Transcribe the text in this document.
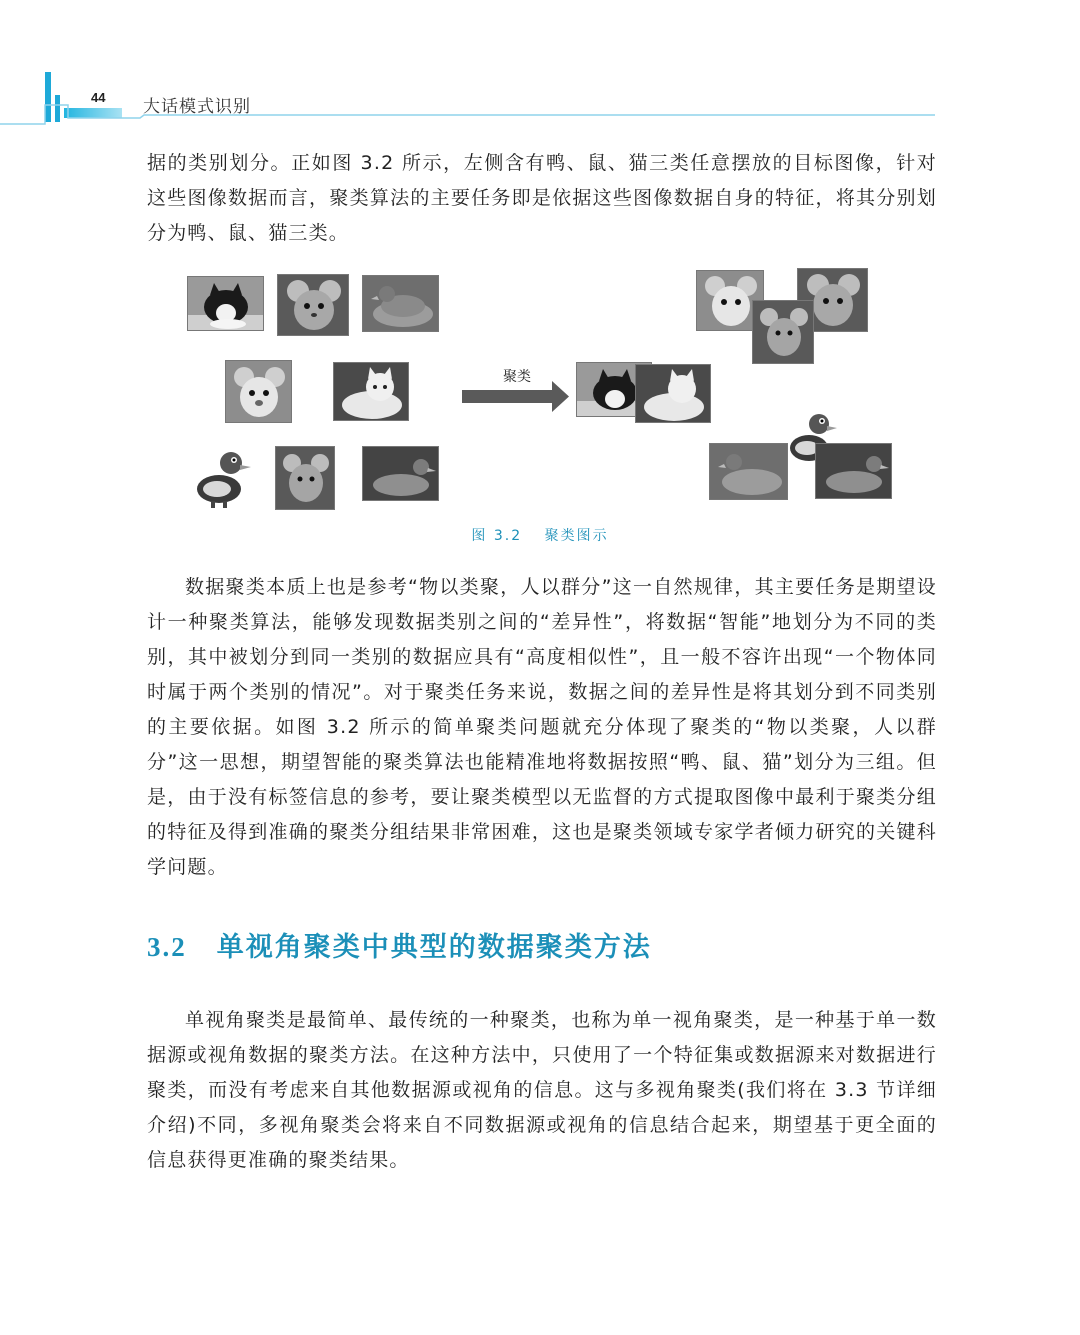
44 大话模式识别

据的类别划分。正如图 3.2 所示，左侧含有鸭、鼠、猫三类任意摆放的目标图像，针对这些图像数据而言，聚类算法的主要任务即是依据这些图像数据自身的特征，将其分别划分为鸭、鼠、猫三类。

聚类
图 3.2 聚类图示

数据聚类本质上也是参考“物以类聚，人以群分”这一自然规律，其主要任务是期望设计一种聚类算法，能够发现数据类别之间的“差异性”，将数据“智能”地划分为不同的类别，其中被划分到同一类别的数据应具有“高度相似性”，且一般不容许出现“一个物体同时属于两个类别的情况”。对于聚类任务来说，数据之间的差异性是将其划分到不同类别的主要依据。如图 3.2 所示的简单聚类问题就充分体现了聚类的“物以类聚，人以群分”这一思想，期望智能的聚类算法也能精准地将数据按照“鸭、鼠、猫”划分为三组。但是，由于没有标签信息的参考，要让聚类模型以无监督的方式提取图像中最利于聚类分组的特征及得到准确的聚类分组结果非常困难，这也是聚类领域专家学者倾力研究的关键科学问题。

3.2 单视角聚类中典型的数据聚类方法

单视角聚类是最简单、最传统的一种聚类，也称为单一视角聚类，是一种基于单一数据源或视角数据的聚类方法。在这种方法中，只使用了一个特征集或数据源来对数据进行聚类，而没有考虑来自其他数据源或视角的信息。这与多视角聚类(我们将在 3.3 节详细介绍)不同，多视角聚类会将来自不同数据源或视角的信息结合起来，期望基于更全面的信息获得更准确的聚类结果。
